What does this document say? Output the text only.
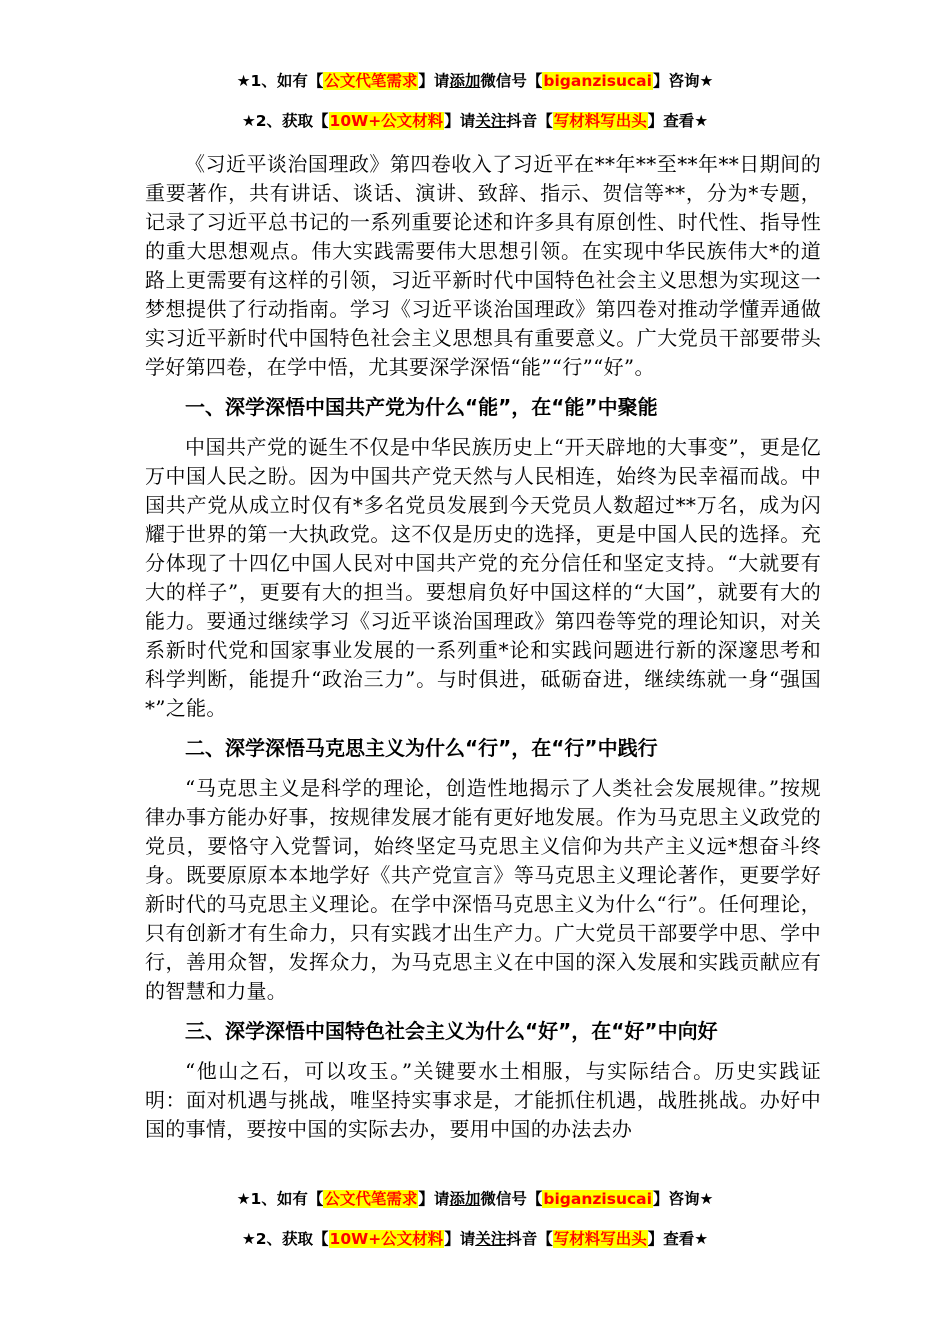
★1、如有【公文代笔需求】请添加微信号【biganzisucai】咨询★
★2、获取【10W+公文材料】请关注抖音【写材料写出头】查看★

《习近平谈治国理政》第四卷收入了习近平在**年**至**年**日期间的重要著作，共有讲话、谈话、演讲、致辞、指示、贺信等**，分为*专题，记录了习近平总书记的一系列重要论述和许多具有原创性、时代性、指导性的重大思想观点。伟大实践需要伟大思想引领。在实现中华民族伟大*的道路上更需要有这样的引领，习近平新时代中国特色社会主义思想为实现这一梦想提供了行动指南。学习《习近平谈治国理政》第四卷对推动学懂弄通做实习近平新时代中国特色社会主义思想具有重要意义。广大党员干部要带头学好第四卷，在学中悟，尤其要深学深悟“能”“行”“好”。

一、深学深悟中国共产党为什么“能”，在“能”中聚能

中国共产党的诞生不仅是中华民族历史上“开天辟地的大事变”，更是亿万中国人民之盼。因为中国共产党天然与人民相连，始终为民幸福而战。中国共产党从成立时仅有*多名党员发展到今天党员人数超过**万名，成为闪耀于世界的第一大执政党。这不仅是历史的选择，更是中国人民的选择。充分体现了十四亿中国人民对中国共产党的充分信任和坚定支持。“大就要有大的样子”，更要有大的担当。要想肩负好中国这样的“大国”，就要有大的能力。要通过继续学习《习近平谈治国理政》第四卷等党的理论知识，对关系新时代党和国家事业发展的一系列重*论和实践问题进行新的深邃思考和科学判断，能提升“政治三力”。与时俱进，砥砺奋进，继续练就一身“强国*”之能。

二、深学深悟马克思主义为什么“行”，在“行”中践行

“马克思主义是科学的理论，创造性地揭示了人类社会发展规律。”按规律办事方能办好事，按规律发展才能有更好地发展。作为马克思主义政党的党员，要恪守入党誓词，始终坚定马克思主义信仰为共产主义远*想奋斗终身。既要原原本本地学好《共产党宣言》等马克思主义理论著作，更要学好新时代的马克思主义理论。在学中深悟马克思主义为什么“行”。任何理论，只有创新才有生命力，只有实践才出生产力。广大党员干部要学中思、学中行，善用众智，发挥众力，为马克思主义在中国的深入发展和实践贡献应有的智慧和力量。

三、深学深悟中国特色社会主义为什么“好”，在“好”中向好

“他山之石，可以攻玉。”关键要水土相服，与实际结合。历史实践证明：面对机遇与挑战，唯坚持实事求是，才能抓住机遇，战胜挑战。办好中国的事情，要按中国的实际去办，要用中国的办法去办

★1、如有【公文代笔需求】请添加微信号【biganzisucai】咨询★
★2、获取【10W+公文材料】请关注抖音【写材料写出头】查看★
